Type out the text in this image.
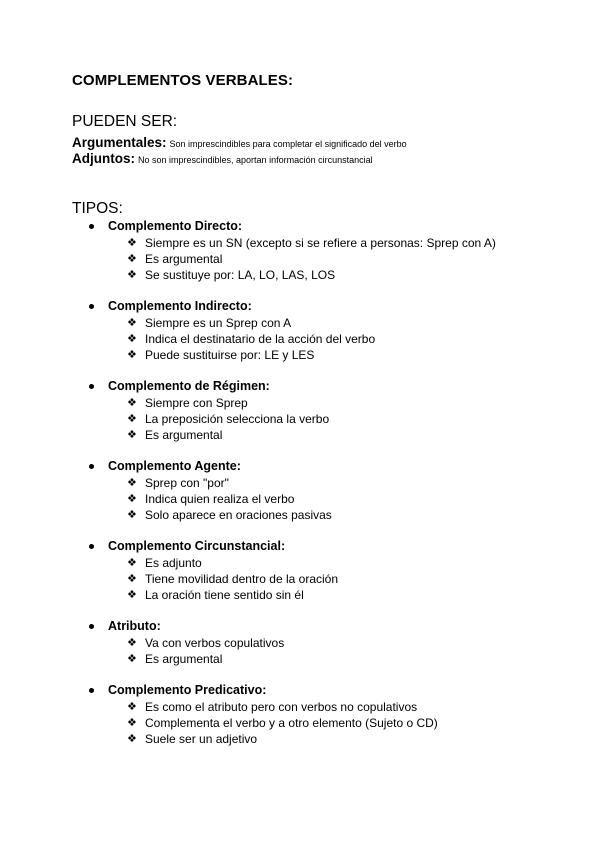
COMPLEMENTOS VERBALES:
PUEDEN SER:
Argumentales: Son imprescindibles para completar el significado del verbo
Adjuntos: No son imprescindibles, aportan información circunstancial
TIPOS:
Complemento Directo:
❖ Siempre es un SN (excepto si se refiere a personas: Sprep con A)
❖ Es argumental
❖ Se sustituye por: LA, LO, LAS, LOS
Complemento Indirecto:
❖ Siempre es un Sprep con A
❖ Indica el destinatario de la acción del verbo
❖ Puede sustituirse por: LE y LES
Complemento de Régimen:
❖ Siempre con Sprep
❖ La preposición selecciona la verbo
❖ Es argumental
Complemento Agente:
❖ Sprep con "por"
❖ Indica quien realiza el verbo
❖ Solo aparece en oraciones pasivas
Complemento Circunstancial:
❖ Es adjunto
❖ Tiene movilidad dentro de la oración
❖ La oración tiene sentido sin él
Atributo:
❖ Va con verbos copulativos
❖ Es argumental
Complemento Predicativo:
❖ Es como el atributo pero con verbos no copulativos
❖ Complementa el verbo y a otro elemento (Sujeto o CD)
❖ Suele ser un adjetivo
